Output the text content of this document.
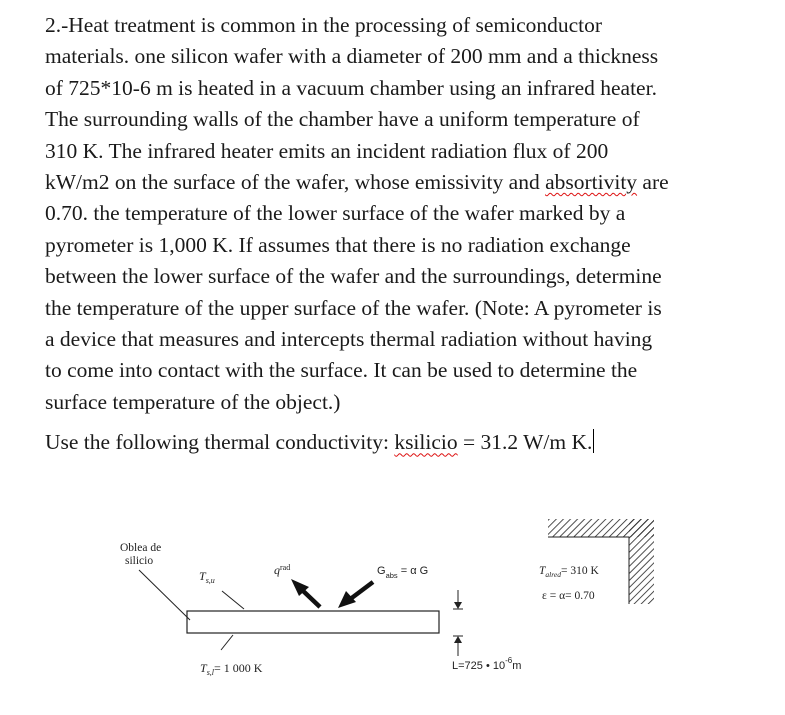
2.-Heat treatment is common in the processing of semiconductor
materials. one silicon wafer with a diameter of 200 mm and a thickness
of 725*10-6 m is heated in a vacuum chamber using an infrared heater.
The surrounding walls of the chamber have a uniform temperature of
310 K. The infrared heater emits an incident radiation flux of 200
kW/m2 on the surface of the wafer, whose emissivity and absortivity are
0.70. the temperature of the lower surface of the wafer marked by a
pyrometer is 1,000 K. If assumes that there is no radiation exchange
between the lower surface of the wafer and the surroundings, determine
the temperature of the upper surface of the wafer. (Note: A pyrometer is
a device that measures and intercepts thermal radiation without having
to come into contact with the surface. It can be used to determine the
surface temperature of the object.)

Use the following thermal conductivity: ksilicio = 31.2 W/m K.

Oblea de silicio
$T_{s,u}$
$q^{rad}$	$G_{abs} = \alpha$ G	$T_{alred}= 310$ K
ε = α= 0.70
$T_{s,l}= 1$ 000 K	L=725 • $10^{-6}m$
